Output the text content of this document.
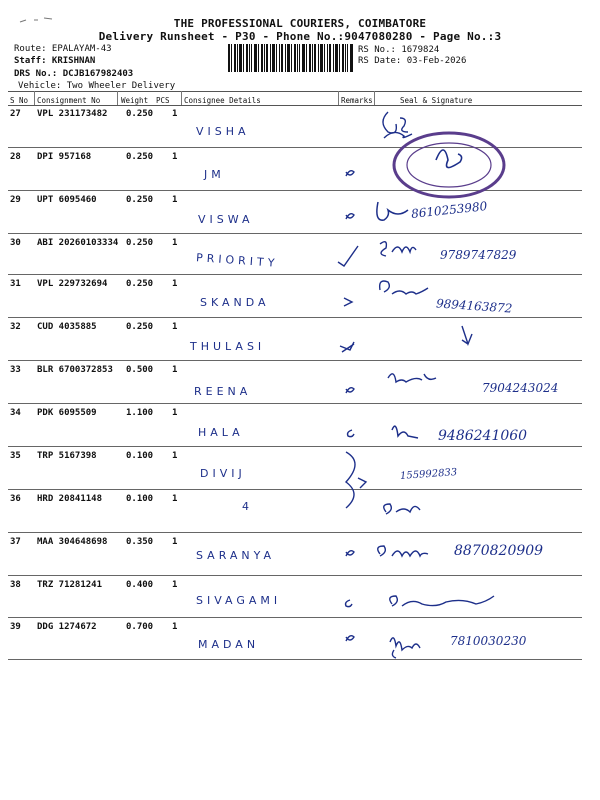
THE PROFESSIONAL COURIERS, COIMBATORE
Delivery Runsheet - P30 - Phone No.:9047080280 - Page No.:3
Route: EPALAYAM-43
Staff: KRISHNAN
DRS No.: DCJB167982403
Vehicle: Two Wheeler Delivery
RS No.: 1679824
RS Date: 03-Feb-2026
S No Consignment No	Weight PCS Consignee Details	Remarks	Seal & Signature
27 VPL 231173482 0.250 1
VISHA
28 DPI 957168	0.250 1
JM
29 UPT 6095460	0.250 1
VISWA	8610253980
30 ABI 20260103334 0.250 1
PRIORITY	9789747829
31 VPL 229732694 0.250 1
SKANDA	9894163872
32 CUD 4035885	0.250 1
THULASI
33 BLR 6700372853 0.500 1
REENA	7904243024
34 PDK 6095509	1.100 1
HALA	9486241060
35 TRP 5167398	0.100 1
DIVIJ	155992833
36 HRD 20841148	0.100 1
4
37 MAA 304648698 0.350 1
SARANYA	8870820909
38 TRZ 71281241	0.400 1
SIVAGAMI
39 DDG 1274672	0.700 1
MADAN	7810030230
